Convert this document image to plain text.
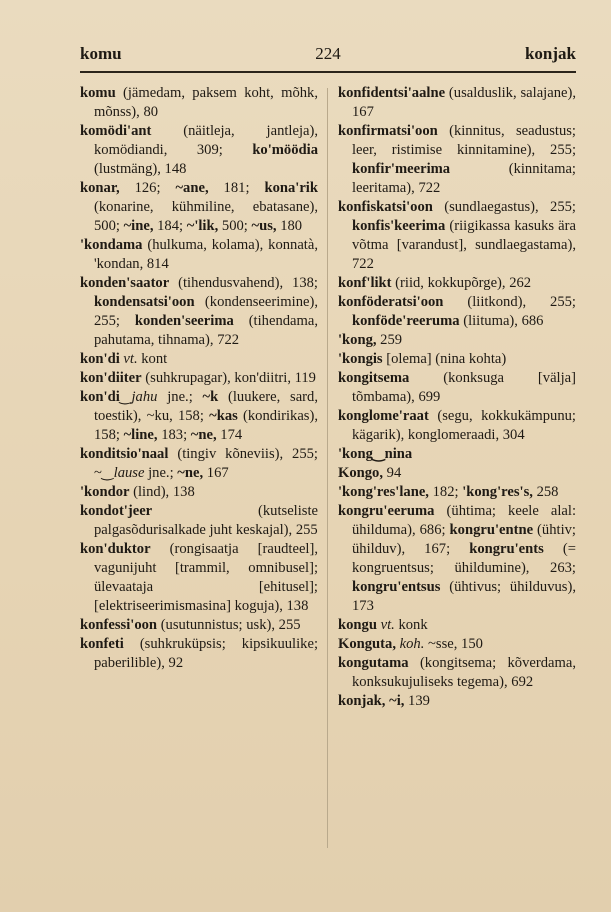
komu	224	konjak
komu (jämedam, paksem koht, mõhk, mõnss), 80
komödi'ant (näitleja, jantleja), komödiandi, 309; ko'möödia (lustmäng), 148
konar, 126; ~ane, 181; kona'rik (konarine, kühmiline, ebatasane), 500; ~ine, 184; ~'lik, 500; ~us, 180
'kondama (hulkuma, kolama), konnatà, 'kondan, 814
konden'saator (tihendusvahend), 138; kondensatsi'oon (kondenseerimine), 255; konden'seerima (tihendama, pahutama, tihnama), 722
kon'di vt. kont
kon'diiter (suhkrupagar), kon'diitri, 119
kon'di‿jahu jne.; ~k (luukere, sard, toestik), ~ku, 158; ~kas (kondirikas), 158; ~line, 183; ~ne, 174
konditsio'naal (tingiv kõneviis), 255; ~‿lause jne.; ~ne, 167
'kondor (lind), 138
kondot'jeer (kutseliste palgasõdurisalkade juht keskajal), 255
kon'duktor (rongisaatja [raudteel], vagunijuht [trammil, omnibusel]; ülevaataja [ehitusel]; [elektriseerimismasina] koguja), 138
konfessi'oon (usutunnistus; usk), 255
konfeti (suhkruküpsis; kipsikuulike; paberilible), 92
konfidentsi'aalne (usalduslik, salajane), 167
konfirmatsi'oon (kinnitus, seadustus; leer, ristimise kinnitamine), 255; konfir'meerima (kinnitama; leeritama), 722
konfiskatsi'oon (sundlaegastus), 255; konfis'keerima (riigikassa kasuks ära võtma [varandust], sundlaegastama), 722
konf'likt (riid, kokkupõrge), 262
konföderatsi'oon (liitkond), 255; konföde'reeruma (liituma), 686
'kong, 259
'kongis [olema] (nina kohta)
kongitsema (konksuga [välja] tõmbama), 699
konglome'raat (segu, kokkukämpunu; kägarik), konglomeraadi, 304
'kong‿nina
Kongo, 94
'kong'res'lane, 182; 'kong'res's, 258
kongru'eeruma (ühtima; keele alal: ühilduma), 686; kongru'entne (ühtiv; ühilduv), 167; kongru'ents (= kongruentsus; ühildumine), 263; kongru'entsus (ühtivus; ühilduvus), 173
kongu vt. konk
Konguta, koh. ~sse, 150
kongutama (kongitsema; kõverdama, konksukujuliseks tegema), 692
konjak, ~i, 139
